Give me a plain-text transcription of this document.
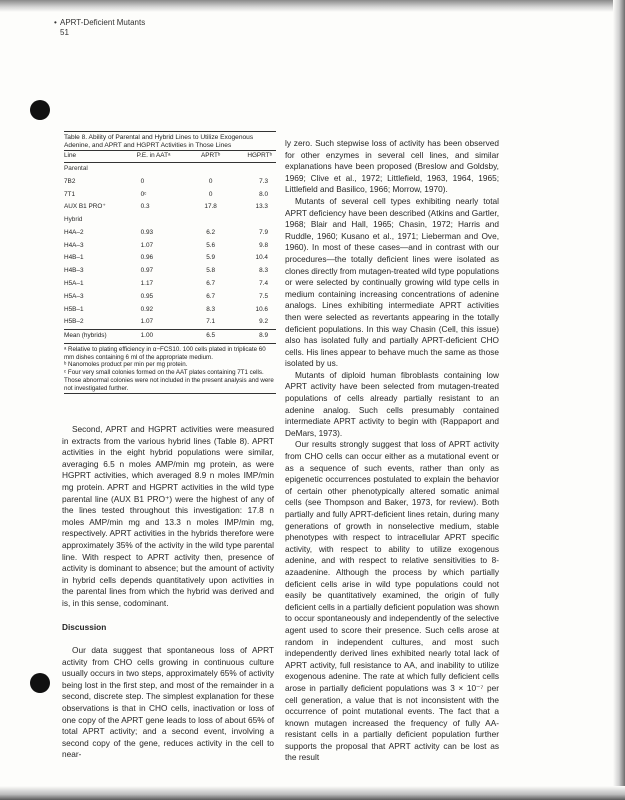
• APRT-Deficient Mutants
51
Table 8. Ability of Parental and Hybrid Lines to Utilize Exogenous Adenine, and APRT and HGPRT Activities in Those Lines
Line	P.E. in AATᵃ	APRTᵇ	HGPRTᵇ
Parental			
7B2	0	0	7.3
7T1	0ᶜ	0	8.0
AUX B1 PRO⁺	0.3	17.8	13.3
Hybrid			
H4A–2	0.93	6.2	7.9
H4A–3	1.07	5.6	9.8
H4B–1	0.96	5.9	10.4
H4B–3	0.97	5.8	8.3
H5A–1	1.17	6.7	7.4
H5A–3	0.95	6.7	7.5
H5B–1	0.92	8.3	10.6
H5B–2	1.07	7.1	9.2
Mean (hybrids)	1.00	6.5	8.9
ᵃ Relative to plating efficiency in α−FCS10. 100 cells plated in triplicate 60 mm dishes containing 6 ml of the appropriate medium.
ᵇ Nanomoles product per min per mg protein.
ᶜ Four very small colonies formed on the AAT plates containing 7T1 cells. Those abnormal colonies were not included in the present analysis and were not investigated further.

Second, APRT and HGPRT activities were measured in extracts from the various hybrid lines (Table 8). APRT activities in the eight hybrid populations were similar, averaging 6.5 n moles AMP/min mg protein, as were HGPRT activities, which averaged 8.9 n moles IMP/min mg protein. APRT and HGPRT activities in the wild type parental line (AUX B1 PRO⁺) were the highest of any of the lines tested throughout this investigation: 17.8 n moles AMP/min mg and 13.3 n moles IMP/min mg, respectively. APRT activities in the hybrids therefore were approximately 35% of the activity in the wild type parental line. With respect to APRT activity then, presence of activity is dominant to absence; but the amount of activity in hybrid cells depends quantitatively upon activities in the parental lines from which the hybrid was derived and is, in this sense, codominant.

Discussion

Our data suggest that spontaneous loss of APRT activity from CHO cells growing in continuous culture usually occurs in two steps, approximately 65% of activity being lost in the first step, and most of the remainder in a second, discrete step. The simplest explanation for these observations is that in CHO cells, inactivation or loss of one copy of the APRT gene leads to loss of about 65% of total APRT activity; and a second event, involving a second copy of the gene, reduces activity in the cell to near-

ly zero. Such stepwise loss of activity has been observed for other enzymes in several cell lines, and similar explanations have been proposed (Breslow and Goldsby, 1969; Clive et al., 1972; Littlefield, 1963, 1964, 1965; Littlefield and Basilico, 1966; Morrow, 1970).

Mutants of several cell types exhibiting nearly total APRT deficiency have been described (Atkins and Gartler, 1968; Blair and Hall, 1965; Chasin, 1972; Harris and Ruddle, 1960; Kusano et al., 1971; Lieberman and Ove, 1960). In most of these cases—and in contrast with our procedures—the totally deficient lines were isolated as clones directly from mutagen-treated wild type populations or were selected by continually growing wild type cells in medium containing increasing concentrations of adenine analogs. Lines exhibiting intermediate APRT activities then were selected as revertants appearing in the totally deficient populations. In this way Chasin (Cell, this issue) also has isolated fully and partially APRT-deficient CHO cells. His lines appear to behave much the same as those isolated by us.

Mutants of diploid human fibroblasts containing low APRT activity have been selected from mutagen-treated populations of cells already partially resistant to an adenine analog. Such cells presumably contained intermediate APRT activity to begin with (Rappaport and DeMars, 1973).

Our results strongly suggest that loss of APRT activity from CHO cells can occur either as a mutational event or as a sequence of such events, rather than only as epigenetic occurrences postulated to explain the behavior of certain other phenotypically altered somatic animal cells (see Thompson and Baker, 1973, for review). Both partially and fully APRT-deficient lines retain, during many generations of growth in nonselective medium, stable phenotypes with respect to intracellular APRT specific activity, with respect to ability to utilize exogenous adenine, and with respect to relative sensitivities to 8-azaadenine. Although the process by which partially deficient cells arise in wild type populations could not easily be quantitatively examined, the origin of fully deficient cells in a partially deficient population was shown to occur spontaneously and independently of the selective agent used to score their presence. Such cells arose at random in independent cultures, and most such independently derived lines exhibited nearly total lack of APRT activity, full resistance to AA, and inability to utilize exogenous adenine. The rate at which fully deficient cells arose in partially deficient populations was 3 × 10⁻⁷ per cell generation, a value that is not inconsistent with the occurrence of point mutational events. The fact that a known mutagen increased the frequency of fully AA-resistant cells in a partially deficient population further supports the proposal that APRT activity can be lost as the result
